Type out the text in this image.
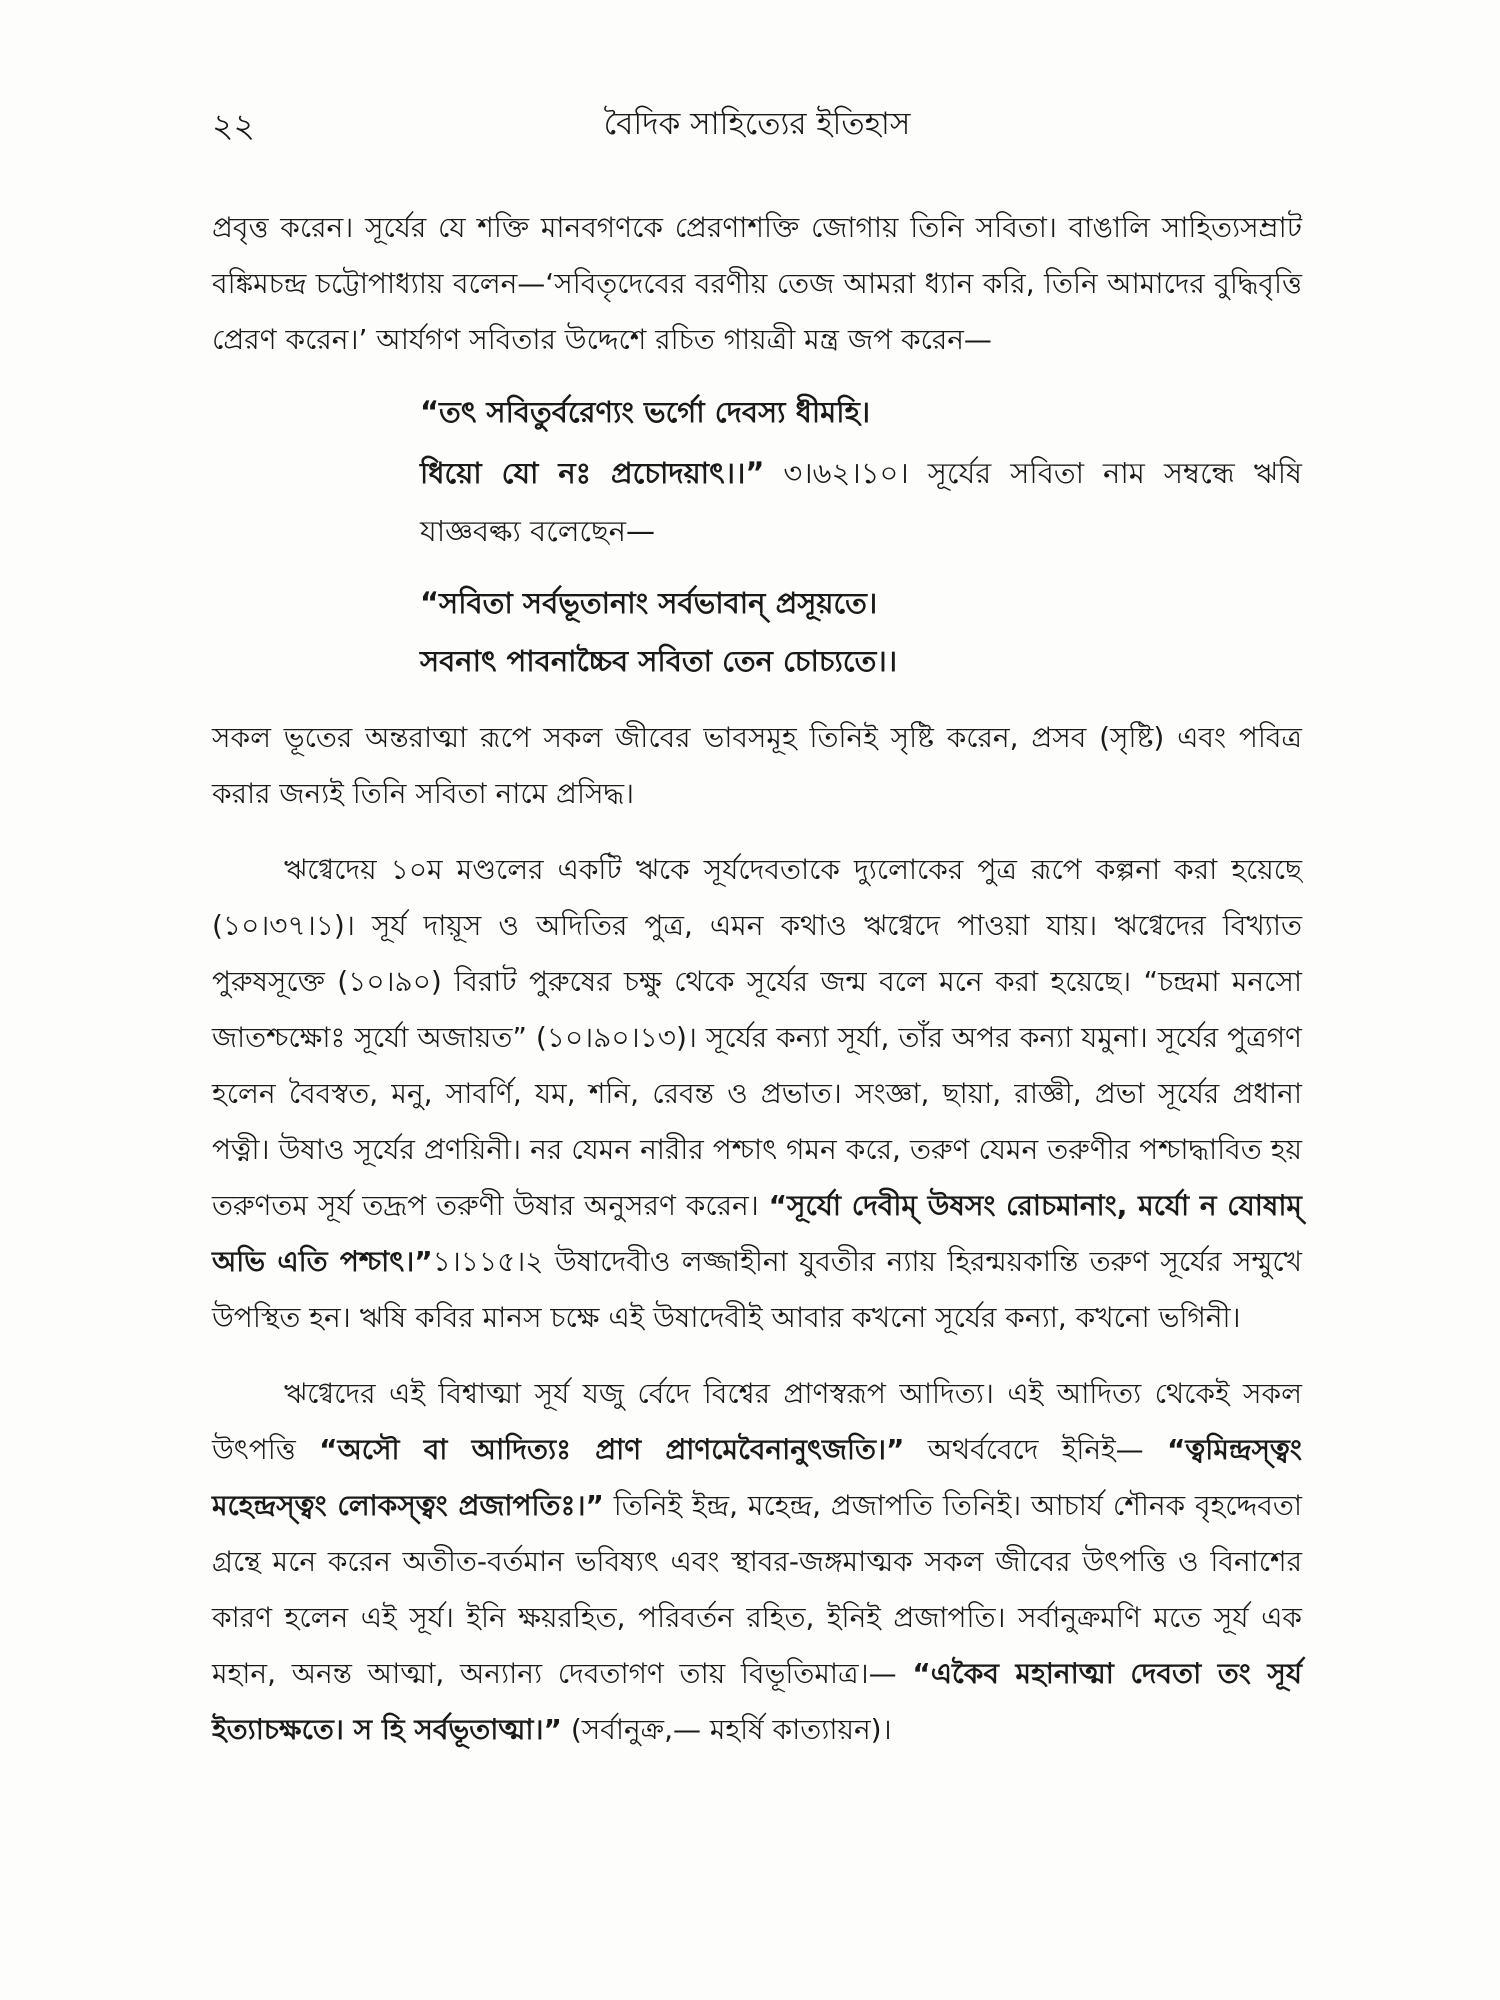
২২	বৈদিক সাহিত্যের ইতিহাস

প্রবৃত্ত করেন। সূর্যের যে শক্তি মানবগণকে প্রেরণাশক্তি জোগায় তিনি সবিতা। বাঙালি সাহিত্যসম্রাট বঙ্কিমচন্দ্র চট্টোপাধ্যায় বলেন—‘সবিতৃদেবের বরণীয় তেজ আমরা ধ্যান করি, তিনি আমাদের বুদ্ধিবৃত্তি প্রেরণ করেন।’ আর্যগণ সবিতার উদ্দেশে রচিত গায়ত্রী মন্ত্র জপ করেন—

“তৎ সবিতুর্বরেণ্যং ভর্গো দেবস্য ধীমহি।

ধিয়ো যো নঃ প্রচোদয়াৎ।।” ৩।৬২।১০। সূর্যের সবিতা নাম সম্বন্ধে ঋষি যাজ্ঞবল্ক্য বলেছেন—

“সবিতা সর্বভূতানাং সর্বভাবান্ প্রসূয়তে।

সবনাৎ পাবনাচ্চৈব সবিতা তেন চোচ্যতে।।

সকল ভূতের অন্তরাত্মা রূপে সকল জীবের ভাবসমূহ তিনিই সৃষ্টি করেন, প্রসব (সৃষ্টি) এবং পবিত্র করার জন্যই তিনি সবিতা নামে প্রসিদ্ধ।

ঋগ্বেদেয় ১০ম মণ্ডলের একটি ঋকে সূর্যদেবতাকে দ্যুলোকের পুত্র রূপে কল্পনা করা হয়েছে (১০।৩৭।১)। সূর্য দায়ূস ও অদিতির পুত্র, এমন কথাও ঋগ্বেদে পাওয়া যায়। ঋগ্বেদের বিখ্যাত পুরুষসূক্তে (১০।৯০) বিরাট পুরুষের চক্ষু থেকে সূর্যের জন্ম বলে মনে করা হয়েছে। “চন্দ্রমা মনসো জাতশ্চক্ষোঃ সূর্যো অজায়ত” (১০।৯০।১৩)। সূর্যের কন্যা সূর্যা, তাঁর অপর কন্যা যমুনা। সূর্যের পুত্রগণ হলেন বৈবস্বত, মনু, সাবর্ণি, যম, শনি, রেবন্ত ও প্রভাত। সংজ্ঞা, ছায়া, রাজ্ঞী, প্রভা সূর্যের প্রধানা পত্নী। উষাও সূর্যের প্রণয়িনী। নর যেমন নারীর পশ্চাৎ গমন করে, তরুণ যেমন তরুণীর পশ্চাদ্ধাবিত হয় তরুণতম সূর্য তদ্রূপ তরুণী উষার অনুসরণ করেন। “সূর্যো দেবীম্ উষসং রোচমানাং, মর্যো ন যোষাম্ অভি এতি পশ্চাৎ।”১।১১৫।২ উষাদেবীও লজ্জাহীনা যুবতীর ন্যায় হিরন্ময়কান্তি তরুণ সূর্যের সম্মুখে উপস্থিত হন। ঋষি কবির মানস চক্ষে এই উষাদেবীই আবার কখনো সূর্যের কন্যা, কখনো ভগিনী।

ঋগ্বেদের এই বিশ্বাত্মা সূর্য যজু র্বেদে বিশ্বের প্রাণস্বরূপ আদিত্য। এই আদিত্য থেকেই সকল উৎপত্তি “অসৌ বা আদিত্যঃ প্রাণ প্রাণমেবৈনানুৎজতি।” অথর্ববেদে ইনিই— “ত্বমিন্দ্রস্ত্বং মহেন্দ্রস্ত্বং লোকস্ত্বং প্রজাপতিঃ।” তিনিই ইন্দ্র, মহেন্দ্র, প্রজাপতি তিনিই। আচার্য শৌনক বৃহদ্দেবতা গ্রন্থে মনে করেন অতীত-বর্তমান ভবিষ্যৎ এবং স্থাবর-জঙ্গমাত্মক সকল জীবের উৎপত্তি ও বিনাশের কারণ হলেন এই সূর্য। ইনি ক্ষয়রহিত, পরিবর্তন রহিত, ইনিই প্রজাপতি। সর্বানুক্রমণি মতে সূর্য এক মহান, অনন্ত আত্মা, অন্যান্য দেবতাগণ তায় বিভূতিমাত্র।— “একৈব মহানাত্মা দেবতা তং সূর্য ইত্যাচক্ষতে। স হি সর্বভূতাত্মা।” (সর্বানুক্র,— মহর্ষি কাত্যায়ন)।
